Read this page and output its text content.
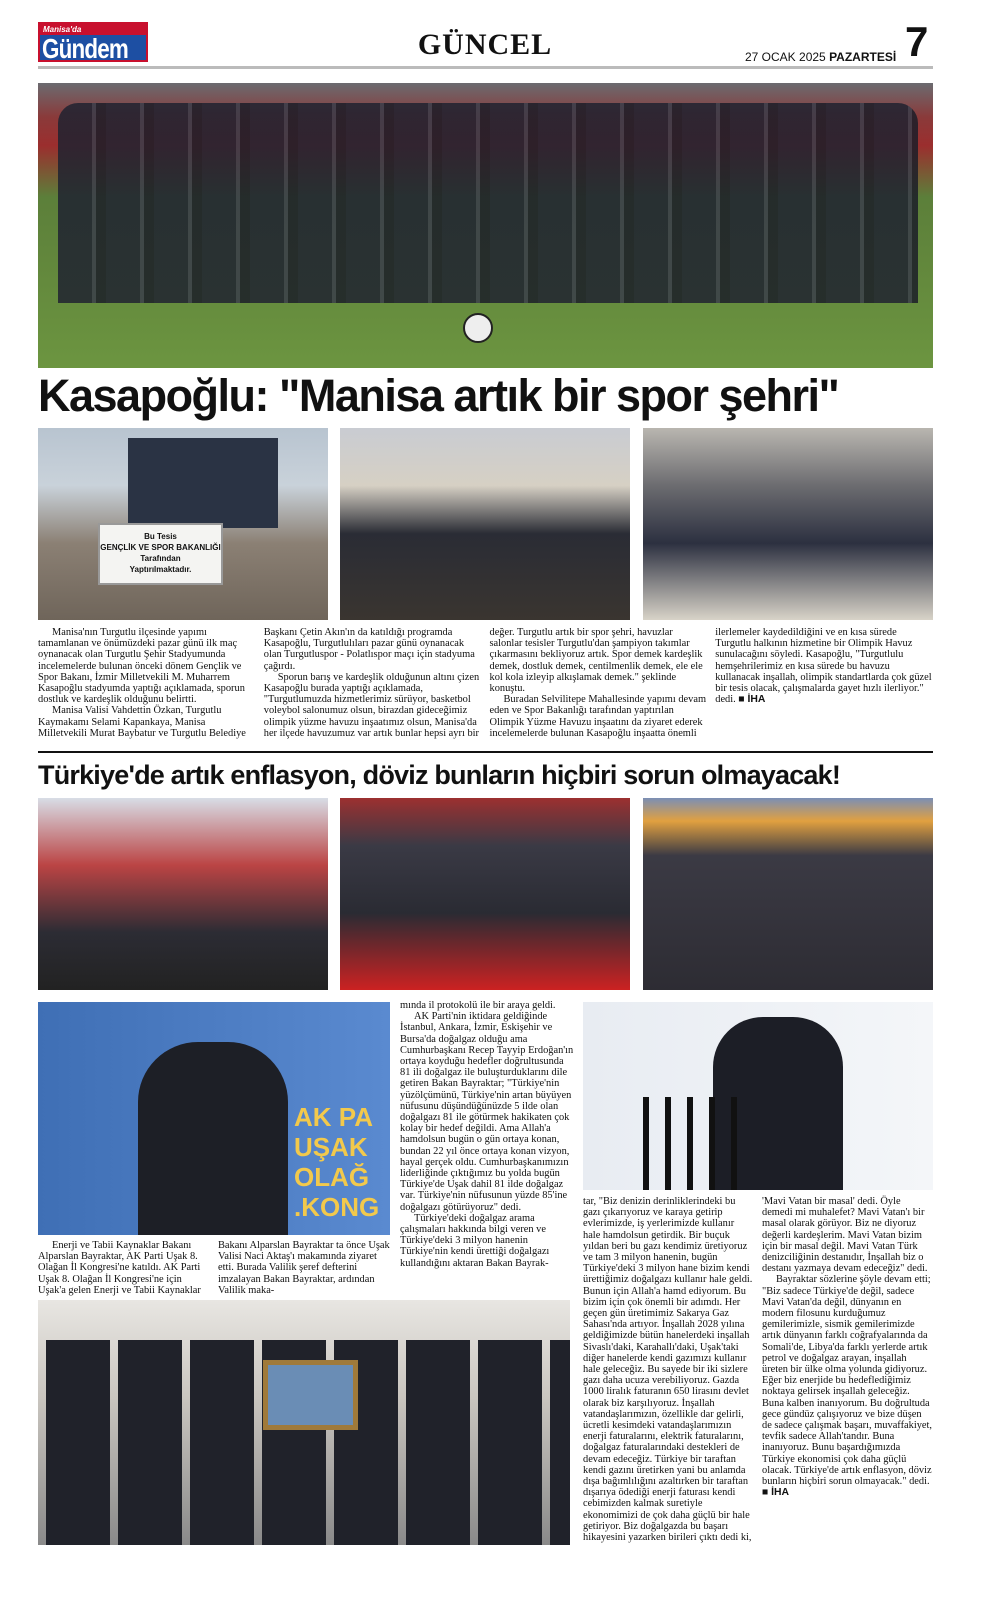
Manisa'da
Gündem	GÜNCEL	27 OCAK 2025 PAZARTESİ 7
Kasapoğlu: "Manisa artık bir spor şehri"
Bu Tesis
GENÇLİK VE SPOR BAKANLIĞI
Tarafından
Yaptırılmaktadır.

Manisa'nın Turgutlu ilçesinde yapımı tamamlanan ve önümüzdeki pazar günü ilk maç oynanacak olan Turgutlu Şehir Stadyumunda incelemelerde bulunan önceki dönem Gençlik ve Spor Bakanı, İzmir Milletvekili M. Muharrem Kasapoğlu stadyumda yaptığı açıklamada, sporun dostluk ve kardeşlik olduğunu belirtti.

Manisa Valisi Vahdettin Özkan, Turgutlu Kaymakamı Selami Kapankaya, Manisa Milletvekili Murat Baybatur ve Turgutlu Belediye Başkanı Çetin Akın'ın da katıldığı programda Kasapoğlu, Turgutlulıları pazar günü oynanacak olan Turgutluspor - Polatlıspor maçı için stadyuma çağırdı.

Sporun barış ve kardeşlik olduğunun altını çizen Kasapoğlu burada yaptığı açıklamada, "Turgutlumuzda hizmetlerimiz sürüyor, basketbol voleybol salonumuz olsun, birazdan gideceğimiz olimpik yüzme havuzu inşaatımız olsun, Manisa'da her ilçede havuzumuz var artık bunlar hepsi ayrı bir değer. Turgutlu artık bir spor şehri, havuzlar salonlar tesisler Turgutlu'dan şampiyon takımlar çıkarmasını bekliyoruz artık. Spor demek kardeşlik demek, dostluk demek, centilmenlik demek, ele ele kol kola izleyip alkışlamak demek." şeklinde konuştu.

Buradan Selvilitepe Mahallesinde yapımı devam eden ve Spor Bakanlığı tarafından yaptırılan Olimpik Yüzme Havuzu inşaatını da ziyaret ederek incelemelerde bulunan Kasapoğlu inşaatta önemli ilerlemeler kaydedildiğini ve en kısa sürede Turgutlu halkının hizmetine bir Olimpik Havuz sunulacağını söyledi. Kasapoğlu, "Turgutlulu hemşehrilerimiz en kısa sürede bu havuzu kullanacak inşallah, olimpik standartlarda çok güzel bir tesis olacak, çalışmalarda gayet hızlı ilerliyor." dedi. ■ İHA

Türkiye'de artık enflasyon, döviz bunların hiçbiri sorun olmayacak!
AK PA UŞAK OLAĞ .KONG

Enerji ve Tabii Kaynaklar Bakanı Alparslan Bayraktar, AK Parti Uşak 8. Olağan İl Kongresi'ne katıldı. AK Parti Uşak 8. Olağan İl Kongresi'ne için Uşak'a gelen Enerji ve Tabii Kaynaklar Bakanı Alparslan Bayraktar ta önce Uşak Valisi Naci Aktaş'ı makamında ziyaret etti. Burada Valilik şeref defterini imzalayan Bakan Bayraktar, ardından Valilik maka-

mında il protokolü ile bir araya geldi.

AK Parti'nin iktidara geldiğinde İstanbul, Ankara, İzmir, Eskişehir ve Bursa'da doğalgaz olduğu ama Cumhurbaşkanı Recep Tayyip Erdoğan'ın ortaya koyduğu hedefler doğrultusunda 81 ili doğalgaz ile buluşturduklarını dile getiren Bakan Bayraktar; "Türkiye'nin yüzölçümünü, Türkiye'nin artan büyüyen nüfusunu düşündüğünüzde 5 ilde olan doğalgazı 81 ile götürmek hakikaten çok kolay bir hedef değildi. Ama Allah'a hamdolsun bugün o gün ortaya konan, bundan 22 yıl önce ortaya konan vizyon, hayal gerçek oldu. Cumhurbaşkanımızın liderliğinde çıktığımız bu yolda bugün Türkiye'de Uşak dahil 81 ilde doğalgaz var. Türkiye'nin nüfusunun yüzde 85'ine doğalgazı götürüyoruz" dedi.

Türkiye'deki doğalgaz arama çalışmaları hakkında bilgi veren ve Türkiye'deki 3 milyon hanenin Türkiye'nin kendi ürettiği doğalgazı kullandığını aktaran Bakan Bayrak-

tar, "Biz denizin derinliklerindeki bu gazı çıkarıyoruz ve karaya getirip evlerimizde, iş yerlerimizde kullanır hale hamdolsun getirdik. Bir buçuk yıldan beri bu gazı kendimiz üretiyoruz ve tam 3 milyon hanenin, bugün Türkiye'deki 3 milyon hane bizim kendi ürettiğimiz doğalgazı kullanır hale geldi. Bunun için Allah'a hamd ediyorum. Bu bizim için çok önemli bir adımdı. Her geçen gün üretimimiz Sakarya Gaz Sahası'nda artıyor. İnşallah 2028 yılına geldiğimizde bütün hanelerdeki inşallah Sivaslı'daki, Karahallı'daki, Uşak'taki diğer hanelerde kendi gazımızı kullanır hale geleceğiz. Bu sayede bir iki sizlere gazı daha ucuza verebiliyoruz. Gazda 1000 liralık faturanın 650 lirasını devlet olarak biz karşılıyoruz. İnşallah vatandaşlarımızın, özellikle dar gelirli, ücretli kesimdeki vatandaşlarımızın enerji faturalarını, elektrik faturalarını, doğalgaz faturalarındaki destekleri de devam edeceğiz. Türkiye bir taraftan kendi gazını üretirken yani bu anlamda dışa bağımlılığını azaltırken bir taraftan dışarıya ödediği enerji faturası kendi cebimizden kalmak suretiyle ekonomimizi de çok daha güçlü bir hale getiriyor. Biz doğalgazda bu başarı hikayesini yazarken birileri çıktı dedi ki, 'Mavi Vatan bir masal' dedi. Öyle demedi mi muhalefet? Mavi Vatan'ı bir masal olarak görüyor. Biz ne diyoruz değerli kardeşlerim. Mavi Vatan bizim için bir masal değil. Mavi Vatan Türk denizciliğinin destanıdır, İnşallah biz o destanı yazmaya devam edeceğiz" dedi.

Bayraktar sözlerine şöyle devam etti; "Biz sadece Türkiye'de değil, sadece Mavi Vatan'da değil, dünyanın en modern filosunu kurduğumuz gemilerimizle, sismik gemilerimizde artık dünyanın farklı coğrafyalarında da Somali'de, Libya'da farklı yerlerde artık petrol ve doğalgaz arayan, inşallah üreten bir ülke olma yolunda gidiyoruz. Eğer biz enerjide bu hedeflediğimiz noktaya gelirsek inşallah geleceğiz. Buna kalben inanıyorum. Bu doğrultuda gece gündüz çalışıyoruz ve bize düşen de sadece çalışmak başarı, muvaffakiyet, tevfik sadece Allah'tandır. Buna inanıyoruz. Bunu başardığımızda Türkiye ekonomisi çok daha güçlü olacak. Türkiye'de artık enflasyon, döviz bunların hiçbiri sorun olmayacak." dedi. ■ İHA
